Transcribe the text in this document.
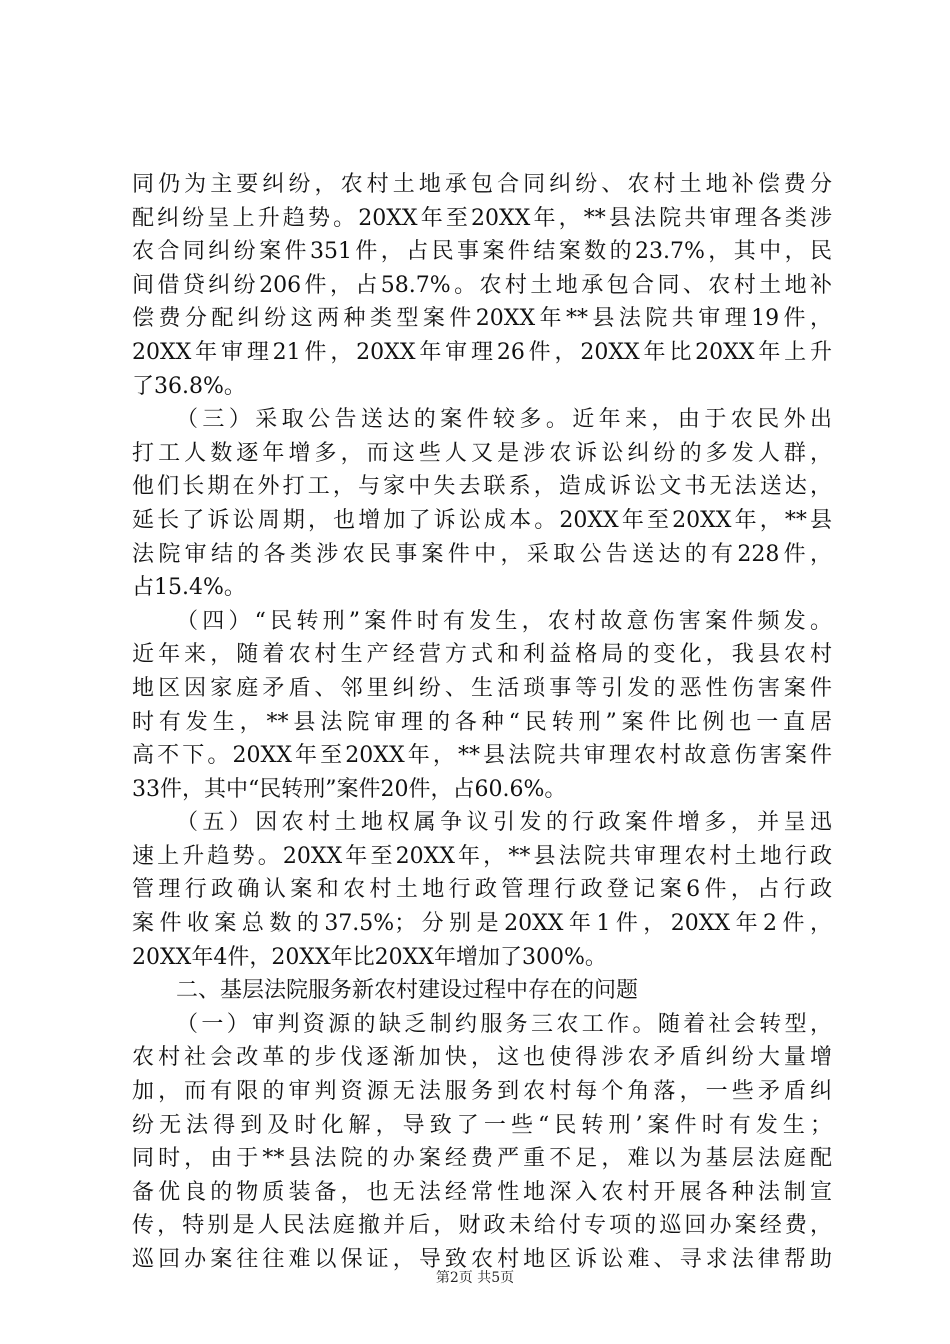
同仍为主要纠纷，农村土地承包合同纠纷、农村土地补偿费分
配纠纷呈上升趋势。20XX年至20XX年，**县法院共审理各类涉
农合同纠纷案件351件，占民事案件结案数的23.7%，其中，民
间借贷纠纷206件，占58.7%。农村土地承包合同、农村土地补
偿费分配纠纷这两种类型案件20XX年**县法院共审理19件，
20XX年审理21件，20XX年审理26件，20XX年比20XX年上升
了36.8%。
（三）采取公告送达的案件较多。近年来，由于农民外出
打工人数逐年增多，而这些人又是涉农诉讼纠纷的多发人群，
他们长期在外打工，与家中失去联系，造成诉讼文书无法送达，
延长了诉讼周期，也增加了诉讼成本。20XX年至20XX年，**县
法院审结的各类涉农民事案件中，采取公告送达的有228件，
占15.4%。
（四）“民转刑”案件时有发生，农村故意伤害案件频发。
近年来，随着农村生产经营方式和利益格局的变化，我县农村
地区因家庭矛盾、邻里纠纷、生活琐事等引发的恶性伤害案件
时有发生，**县法院审理的各种“民转刑”案件比例也一直居
高不下。20XX年至20XX年，**县法院共审理农村故意伤害案件
33件，其中“民转刑”案件20件，占60.6%。
（五）因农村土地权属争议引发的行政案件增多，并呈迅
速上升趋势。20XX年至20XX年，**县法院共审理农村土地行政
管理行政确认案和农村土地行政管理行政登记案6件，占行政
案件收案总数的37.5%；分别是20XX年1件，20XX年2件，
20XX年4件，20XX年比20XX年增加了300%。
二、基层法院服务新农村建设过程中存在的问题
（一）审判资源的缺乏制约服务三农工作。随着社会转型，
农村社会改革的步伐逐渐加快，这也使得涉农矛盾纠纷大量增
加，而有限的审判资源无法服务到农村每个角落，一些矛盾纠
纷无法得到及时化解，导致了一些“民转刑’案件时有发生；
同时，由于**县法院的办案经费严重不足，难以为基层法庭配
备优良的物质装备，也无法经常性地深入农村开展各种法制宣
传，特别是人民法庭撤并后，财政未给付专项的巡回办案经费，
巡回办案往往难以保证，导致农村地区诉讼难、寻求法律帮助
第2页 共5页
